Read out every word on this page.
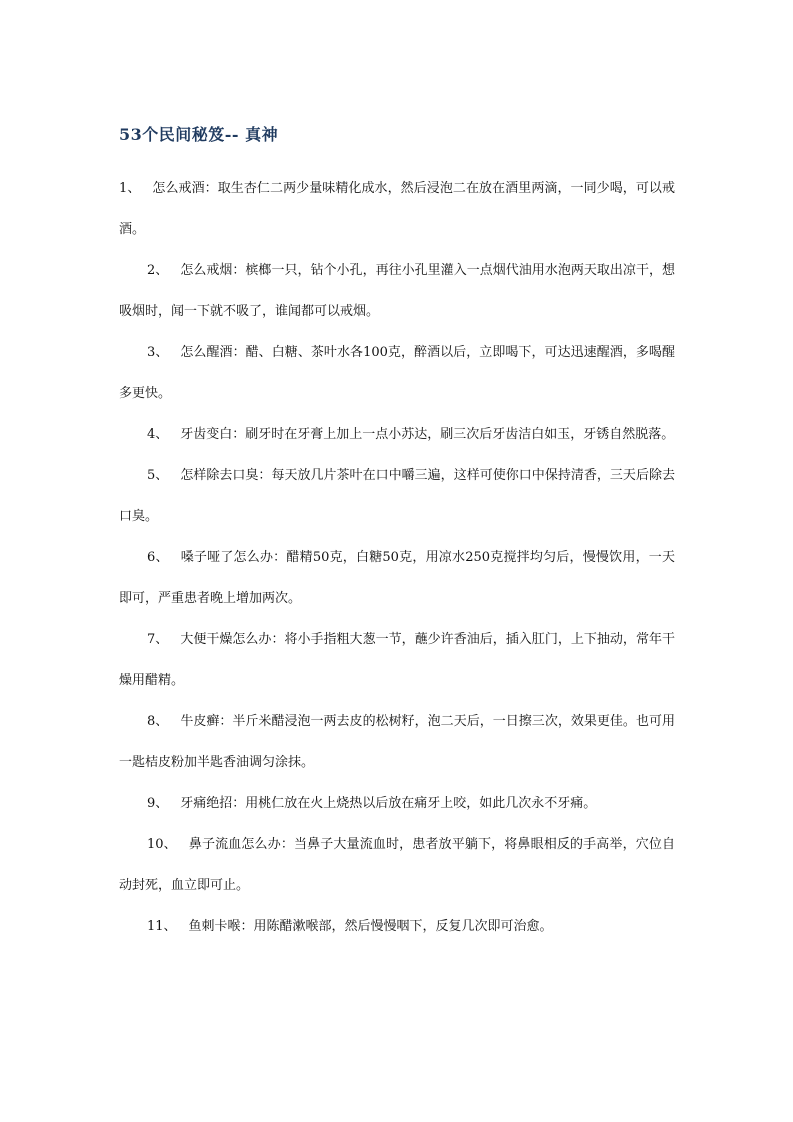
53个民间秘笈-- 真神

1、 怎么戒酒：取生杏仁二两少量味精化成水，然后浸泡二在放在酒里两滴，一同少喝，可以戒酒。

2、 怎么戒烟：槟榔一只，钻个小孔，再往小孔里灌入一点烟代油用水泡两天取出凉干，想吸烟时，闻一下就不吸了，谁闻都可以戒烟。

3、 怎么醒酒：醋、白糖、茶叶水各100克，醉酒以后，立即喝下，可达迅速醒酒，多喝醒多更快。

4、 牙齿变白：刷牙时在牙膏上加上一点小苏达，刷三次后牙齿洁白如玉，牙锈自然脱落。

5、 怎样除去口臭：每天放几片茶叶在口中嚼三遍，这样可使你口中保持清香，三天后除去口臭。

6、 嗓子哑了怎么办：醋精50克，白糖50克，用凉水250克搅拌均匀后，慢慢饮用，一天即可，严重患者晚上增加两次。

7、 大便干燥怎么办：将小手指粗大葱一节，蘸少许香油后，插入肛门，上下抽动，常年干燥用醋精。

8、 牛皮癣：半斤米醋浸泡一两去皮的松树籽，泡二天后，一日擦三次，效果更佳。也可用一匙桔皮粉加半匙香油调匀涂抹。

9、 牙痛绝招：用桃仁放在火上烧热以后放在痛牙上咬，如此几次永不牙痛。

10、 鼻子流血怎么办：当鼻子大量流血时，患者放平躺下，将鼻眼相反的手高举，穴位自动封死，血立即可止。

11、 鱼刺卡喉：用陈醋漱喉部，然后慢慢咽下，反复几次即可治愈。
